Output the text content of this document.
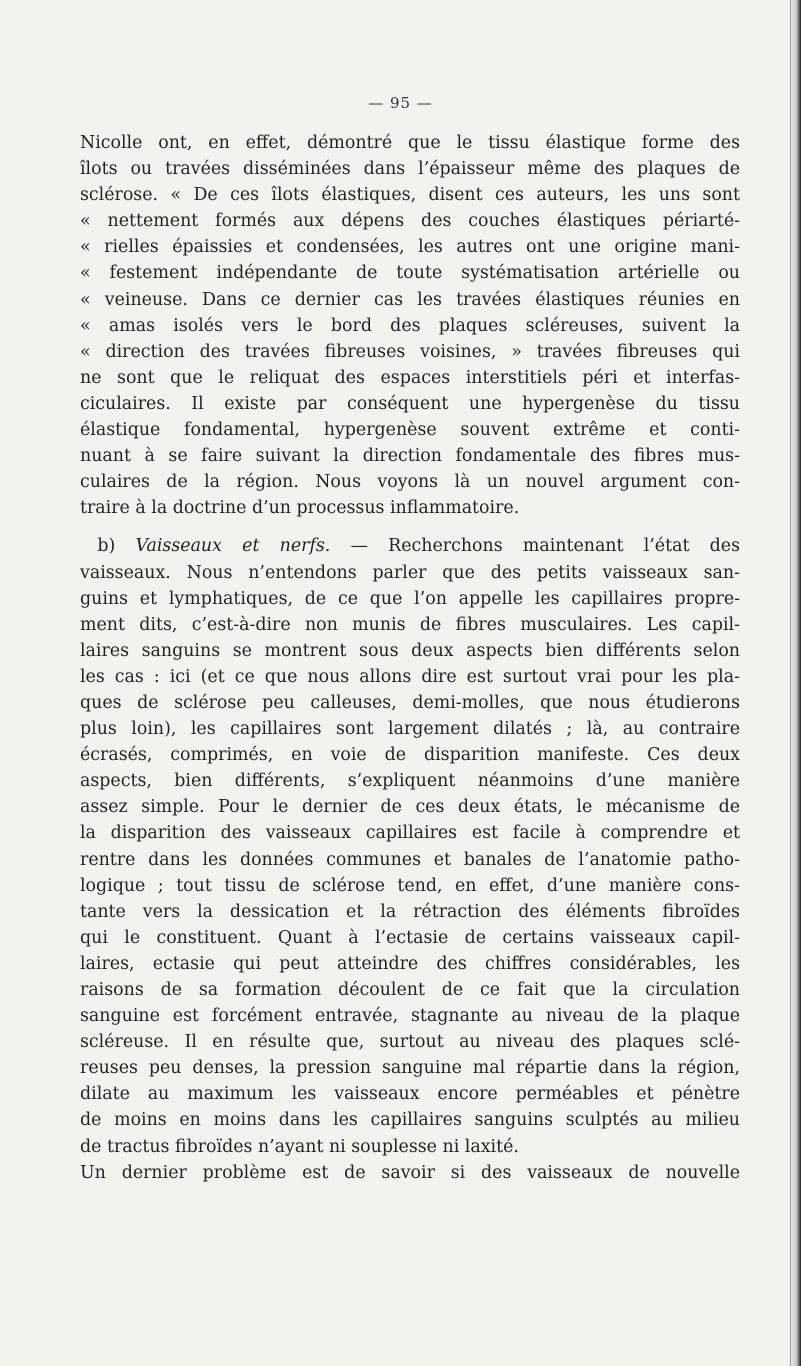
— 95 —
Nicolle ont, en effet, démontré que le tissu élastique forme des
îlots ou travées disséminées dans l’épaisseur même des plaques de
sclérose. « De ces îlots élastiques, disent ces auteurs, les uns sont
« nettement formés aux dépens des couches élastiques périarté-
« rielles épaissies et condensées, les autres ont une origine mani-
« festement indépendante de toute systématisation artérielle ou
« veineuse. Dans ce dernier cas les travées élastiques réunies en
« amas isolés vers le bord des plaques scléreuses, suivent la
« direction des travées fibreuses voisines, » travées fibreuses qui
ne sont que le reliquat des espaces interstitiels péri et interfas-
ciculaires. Il existe par conséquent une hypergenèse du tissu
élastique fondamental, hypergenèse souvent extrême et conti-
nuant à se faire suivant la direction fondamentale des fibres mus-
culaires de la région. Nous voyons là un nouvel argument con-
traire à la doctrine d’un processus inflammatoire.
 b) Vaisseaux et nerfs. — Recherchons maintenant l’état des
vaisseaux. Nous n’entendons parler que des petits vaisseaux san-
guins et lymphatiques, de ce que l’on appelle les capillaires propre-
ment dits, c’est-à-dire non munis de fibres musculaires. Les capil-
laires sanguins se montrent sous deux aspects bien différents selon
les cas : ici (et ce que nous allons dire est surtout vrai pour les pla-
ques de sclérose peu calleuses, demi-molles, que nous étudierons
plus loin), les capillaires sont largement dilatés ; là, au contraire
écrasés, comprimés, en voie de disparition manifeste. Ces deux
aspects, bien différents, s’expliquent néanmoins d’une manière
assez simple. Pour le dernier de ces deux états, le mécanisme de
la disparition des vaisseaux capillaires est facile à comprendre et
rentre dans les données communes et banales de l’anatomie patho-
logique ; tout tissu de sclérose tend, en effet, d’une manière cons-
tante vers la dessication et la rétraction des éléments fibroïdes
qui le constituent. Quant à l’ectasie de certains vaisseaux capil-
laires, ectasie qui peut atteindre des chiffres considérables, les
raisons de sa formation découlent de ce fait que la circulation
sanguine est forcément entravée, stagnante au niveau de la plaque
scléreuse. Il en résulte que, surtout au niveau des plaques sclé-
reuses peu denses, la pression sanguine mal répartie dans la région,
dilate au maximum les vaisseaux encore perméables et pénètre
de moins en moins dans les capillaires sanguins sculptés au milieu
de tractus fibroïdes n’ayant ni souplesse ni laxité.
Un dernier problème est de savoir si des vaisseaux de nouvelle
